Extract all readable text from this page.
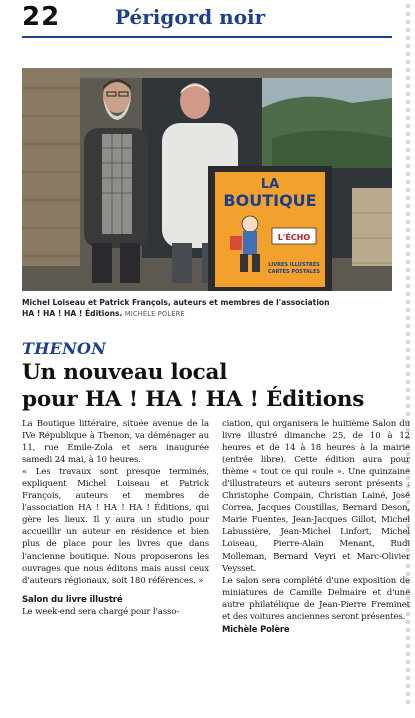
22	Périgord noir
LA
BOUTIQUE
L'ÉCHO
LIVRES ILLUSTRÉS
CARTES POSTALES
Michel Loiseau et Patrick François, auteurs et membres de l'association
HA ! HA ! HA ! Éditions. MICHÈLE POLÈRE
THENON
Un nouveau local
pour HA ! HA ! HA ! Éditions

La Boutique littéraire, située avenue de la IVe République à Thenon, va déménager au 11, rue Émile-Zola et sera inaugurée samedi 24 mai, à 10 heures.

« Les travaux sont presque terminés, expliquent Michel Loiseau et Patrick François, auteurs et membres de l'association HA ! HA ! HA ! Éditions, qui gère les lieux. Il y aura un studio pour accueillir un auteur en résidence et bien plus de place pour les livres que dans l'ancienne boutique. Nous proposerons les ouvrages que nous éditons mais aussi ceux d'auteurs régionaux, soit 180 références. »

Salon du livre illustré

Le week-end sera chargé pour l'asso-

ciation, qui organisera le huitième Salon du livre illustré dimanche 25, de 10 à 12 heures et de 14 à 18 heures à la mairie (entrée libre). Cette édition aura pour thème « tout ce qui roule ». Une quinzaine d'illustrateurs et auteurs seront présents : Christophe Compain, Christian Lainé, José Correa, Jacques Coustillas, Bernard Deson, Marie Fuentes, Jean-Jacques Gillot, Michel Labussière, Jean-Michel Linfort, Michel Loiseau, Pierre-Alain Menant, Rudi Molleman, Bernard Veyri et Marc-Olivier Veysset.

Le salon sera complété d'une exposition de miniatures de Camille Delmaire et d'une autre philatélique de Jean-Pierre Freminet et des voitures anciennes seront présentes.

Michèle Polère
